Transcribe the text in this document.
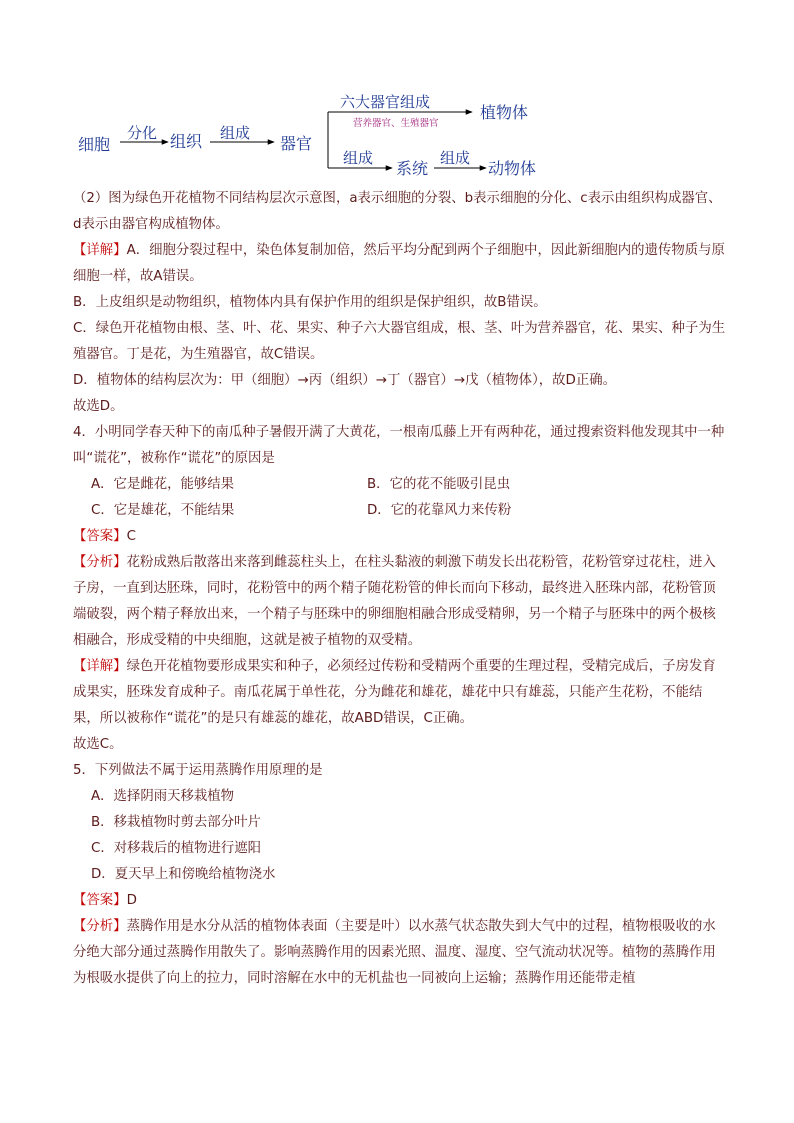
细胞
分化 组织 组成
器官
六大器官组成
营养器官、生殖器官
植物体
组成
系统
组成
动物体

（2）图为绿色开花植物不同结构层次示意图，a表示细胞的分裂、b表示细胞的分化、c表示由组织构成器官、d表示由器官构成植物体。

【详解】A．细胞分裂过程中，染色体复制加倍，然后平均分配到两个子细胞中，因此新细胞内的遗传物质与原细胞一样，故A错误。

B．上皮组织是动物组织，植物体内具有保护作用的组织是保护组织，故B错误。

C．绿色开花植物由根、茎、叶、花、果实、种子六大器官组成，根、茎、叶为营养器官，花、果实、种子为生殖器官。丁是花，为生殖器官，故C错误。

D．植物体的结构层次为：甲（细胞）→丙（组织）→丁（器官）→戊（植物体），故D正确。

故选D。

4．小明同学春天种下的南瓜种子暑假开满了大黄花，一根南瓜藤上开有两种花，通过搜索资料他发现其中一种叫“谎花”，被称作“谎花”的原因是

A．它是雌花，能够结果	B．它的花不能吸引昆虫
C．它是雄花，不能结果	D．它的花靠风力来传粉

【答案】C

【分析】花粉成熟后散落出来落到雌蕊柱头上，在柱头黏液的刺激下萌发长出花粉管，花粉管穿过花柱，进入子房，一直到达胚珠，同时，花粉管中的两个精子随花粉管的伸长而向下移动，最终进入胚珠内部，花粉管顶端破裂，两个精子释放出来，一个精子与胚珠中的卵细胞相融合形成受精卵，另一个精子与胚珠中的两个极核相融合，形成受精的中央细胞，这就是被子植物的双受精。

【详解】绿色开花植物要形成果实和种子，必须经过传粉和受精两个重要的生理过程，受精完成后，子房发育成果实，胚珠发育成种子。南瓜花属于单性花，分为雌花和雄花，雄花中只有雄蕊，只能产生花粉，不能结果，所以被称作“谎花”的是只有雄蕊的雄花，故ABD错误，C正确。

故选C。

5．下列做法不属于运用蒸腾作用原理的是

A．选择阴雨天移栽植物

B．移栽植物时剪去部分叶片

C．对移栽后的植物进行遮阳

D．夏天早上和傍晚给植物浇水

【答案】D

【分析】蒸腾作用是水分从活的植物体表面（主要是叶）以水蒸气状态散失到大气中的过程，植物根吸收的水分绝大部分通过蒸腾作用散失了。影响蒸腾作用的因素光照、温度、湿度、空气流动状况等。植物的蒸腾作用为根吸水提供了向上的拉力，同时溶解在水中的无机盐也一同被向上运输；蒸腾作用还能带走植
